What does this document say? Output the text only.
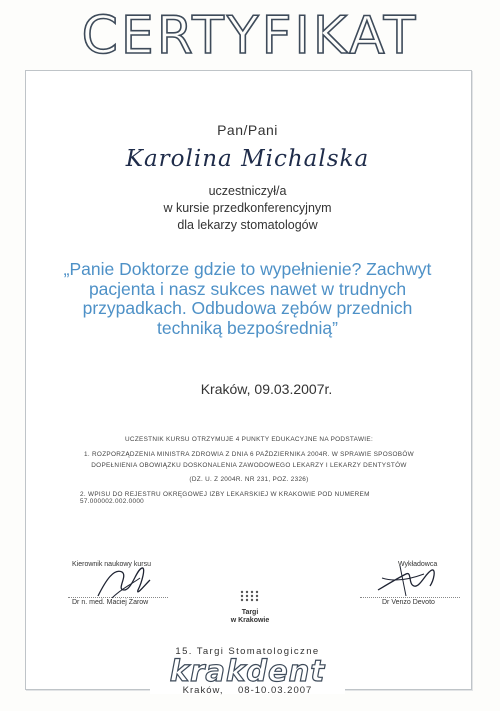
CERTYFIKAT
Pan/Pani
Karolina Michalska
uczestniczył/a
w kursie przedkonferencyjnym
dla lekarzy stomatologów
„Panie Doktorze gdzie to wypełnienie? Zachwyt pacjenta i nasz sukces nawet w trudnych przypadkach. Odbudowa zębów przednich techniką bezpośrednią”
Kraków, 09.03.2007r.
UCZESTNIK KURSU OTRZYMUJE 4 PUNKTY EDUKACYJNE NA PODSTAWIE:
1. ROZPORZĄDZENIA MINISTRA ZDROWIA Z DNIA 6 PAŹDZIERNIKA 2004R. W SPRAWIE SPOSOBÓW
DOPEŁNIENIA OBOWIĄZKU DOSKONALENIA ZAWODOWEGO LEKARZY I LEKARZY DENTYSTÓW
(DZ. U. Z 2004R. NR 231, POZ. 2326)
2. WPISU DO REJESTRU OKRĘGOWEJ IZBY LEKARSKIEJ W KRAKOWIE POD NUMEREM 57.000002.002.0000
Kierownik naukowy kursu
Dr n. med. Maciej Żarow
Targi
w Krakowie
Wykładowca
Dr Venzo Devoto
15. Targi Stomatologiczne
krakdent
Kraków,    08-10.03.2007
